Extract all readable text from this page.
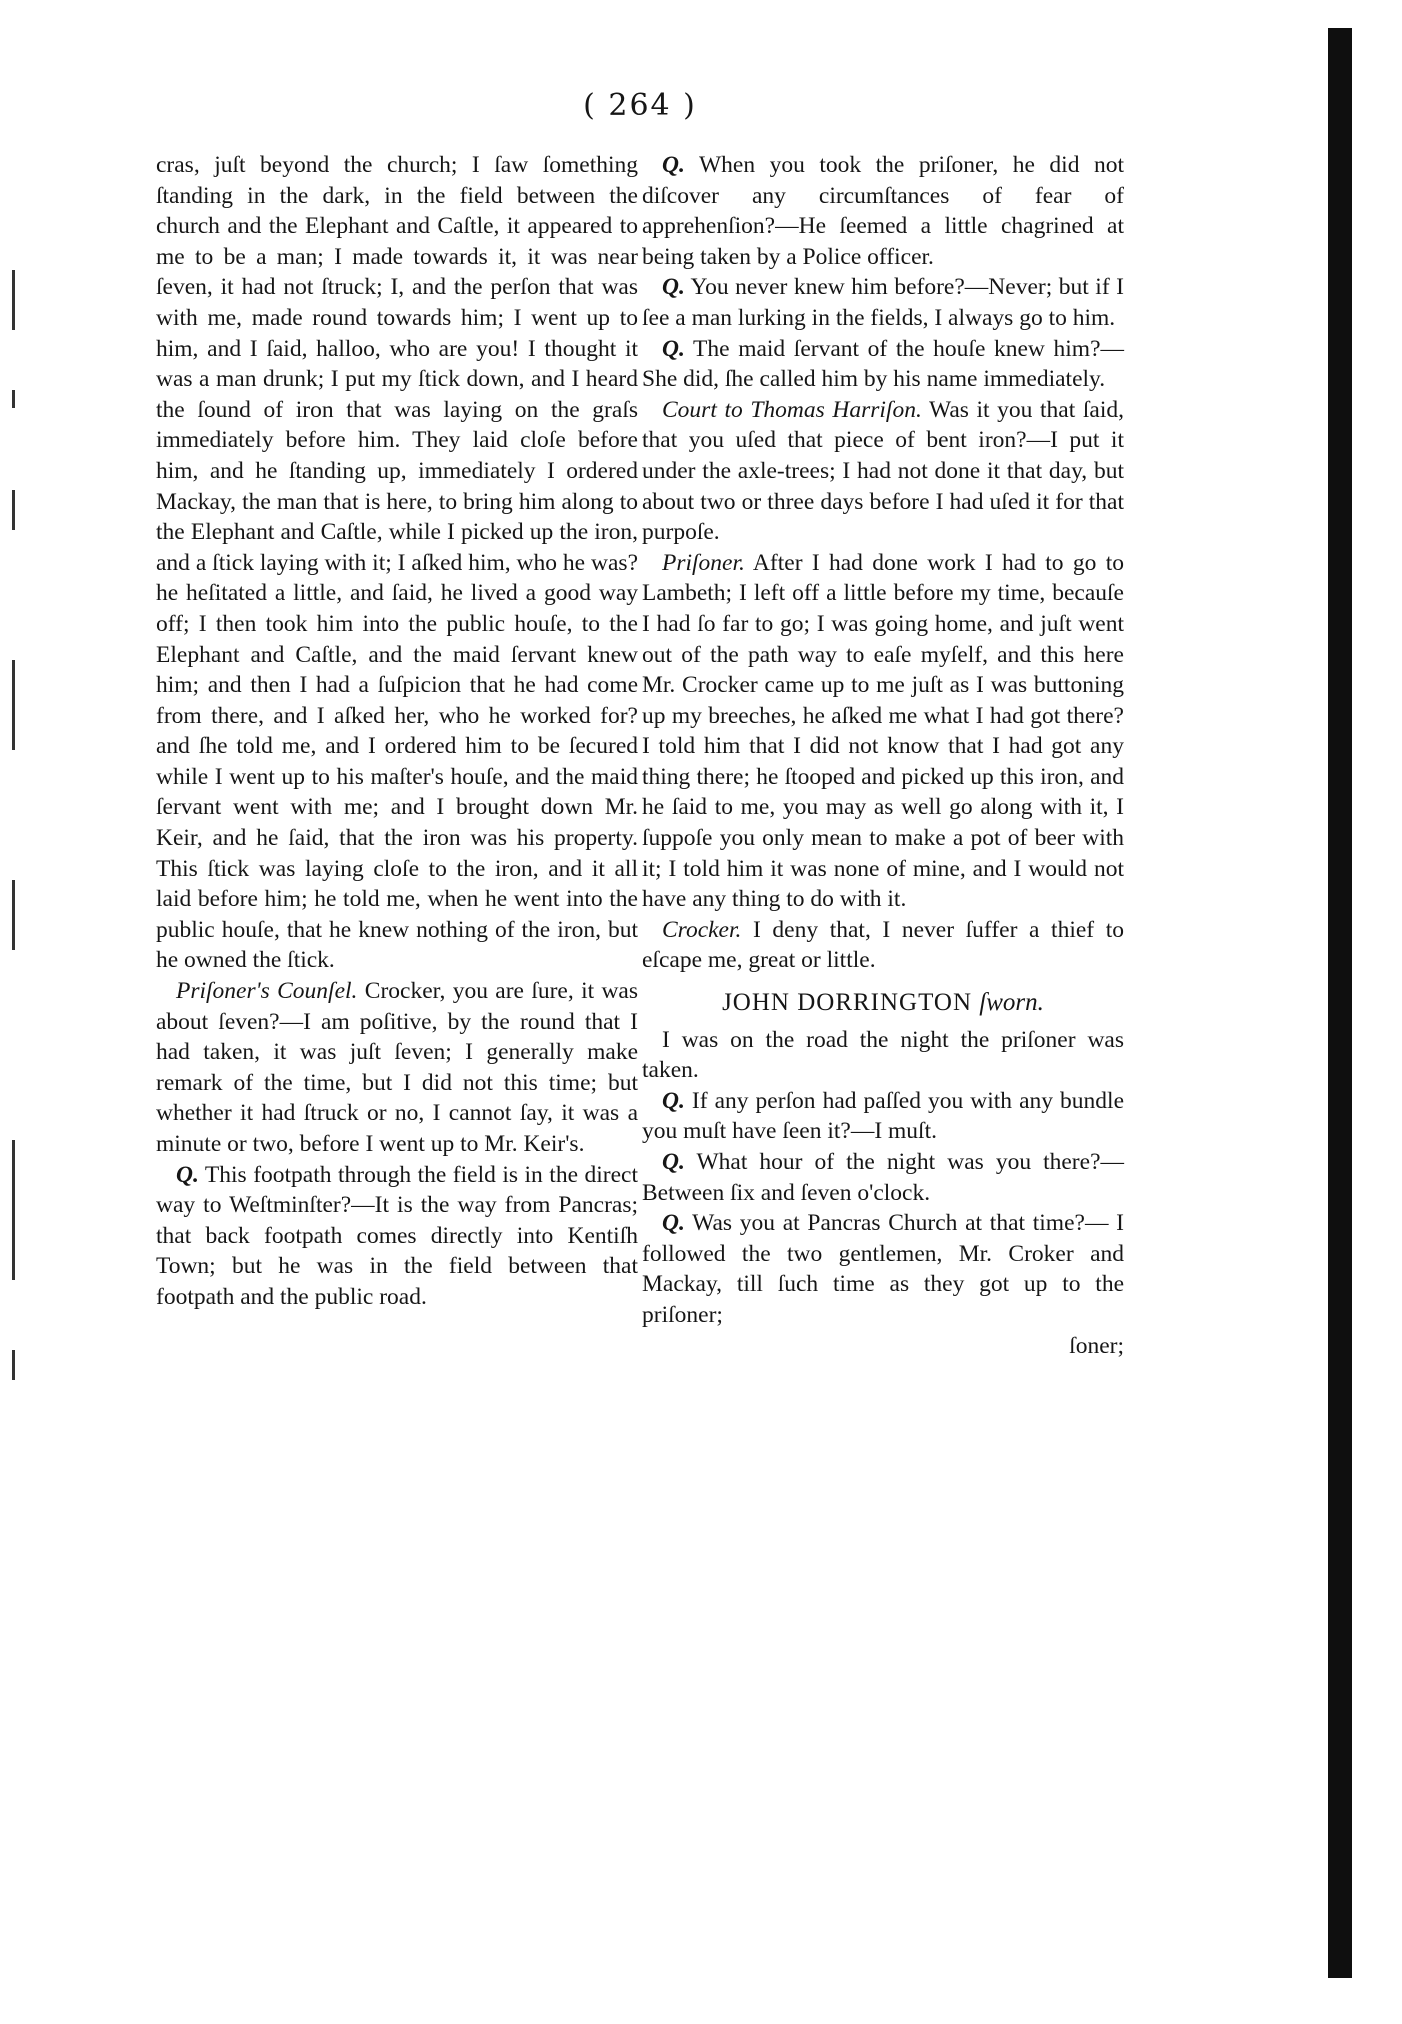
( 264 )

cras, juſt beyond the church; I ſaw ſomething ſtanding in the dark, in the field between the church and the Elephant and Caſtle, it appeared to me to be a man; I made towards it, it was near ſeven, it had not ſtruck; I, and the perſon that was with me, made round towards him; I went up to him, and I ſaid, halloo, who are you! I thought it was a man drunk; I put my ſtick down, and I heard the ſound of iron that was laying on the graſs immediately before him. They laid cloſe before him, and he ſtanding up, immediately I ordered Mackay, the man that is here, to bring him along to the Elephant and Caſtle, while I picked up the iron, and a ſtick laying with it; I aſked him, who he was? he heſitated a little, and ſaid, he lived a good way off; I then took him into the public houſe, to the Elephant and Caſtle, and the maid ſervant knew him; and then I had a ſuſpicion that he had come from there, and I aſked her, who he worked for? and ſhe told me, and I ordered him to be ſecured while I went up to his maſter's houſe, and the maid ſervant went with me; and I brought down Mr. Keir, and he ſaid, that the iron was his property. This ſtick was laying cloſe to the iron, and it all laid before him; he told me, when he went into the public houſe, that he knew nothing of the iron, but he owned the ſtick.

Priſoner's Counſel. Crocker, you are ſure, it was about ſeven?—I am poſitive, by the round that I had taken, it was juſt ſeven; I generally make remark of the time, but I did not this time; but whether it had ſtruck or no, I cannot ſay, it was a minute or two, before I went up to Mr. Keir's.

Q. This footpath through the field is in the direct way to Weſtminſter?—It is the way from Pancras; that back footpath comes directly into Kentiſh Town; but he was in the field between that footpath and the public road.

Q. When you took the priſoner, he did not diſcover any circumſtances of fear of apprehenſion?—He ſeemed a little chagrined at being taken by a Police officer.

Q. You never knew him before?—Never; but if I ſee a man lurking in the fields, I always go to him.

Q. The maid ſervant of the houſe knew him?—She did, ſhe called him by his name immediately.

Court to Thomas Harriſon. Was it you that ſaid, that you uſed that piece of bent iron?—I put it under the axle-trees; I had not done it that day, but about two or three days before I had uſed it for that purpoſe.

Priſoner. After I had done work I had to go to Lambeth; I left off a little before my time, becauſe I had ſo far to go; I was going home, and juſt went out of the path way to eaſe myſelf, and this here Mr. Crocker came up to me juſt as I was buttoning up my breeches, he aſked me what I had got there? I told him that I did not know that I had got any thing there; he ſtooped and picked up this iron, and he ſaid to me, you may as well go along with it, I ſuppoſe you only mean to make a pot of beer with it; I told him it was none of mine, and I would not have any thing to do with it.

Crocker. I deny that, I never ſuffer a thief to eſcape me, great or little.

JOHN DORRINGTON ſworn.

I was on the road the night the priſoner was taken.

Q. If any perſon had paſſed you with any bundle you muſt have ſeen it?—I muſt.

Q. What hour of the night was you there?—Between ſix and ſeven o'clock.

Q. Was you at Pancras Church at that time?— I followed the two gentlemen, Mr. Croker and Mackay, till ſuch time as they got up to the priſoner;

ſoner;
